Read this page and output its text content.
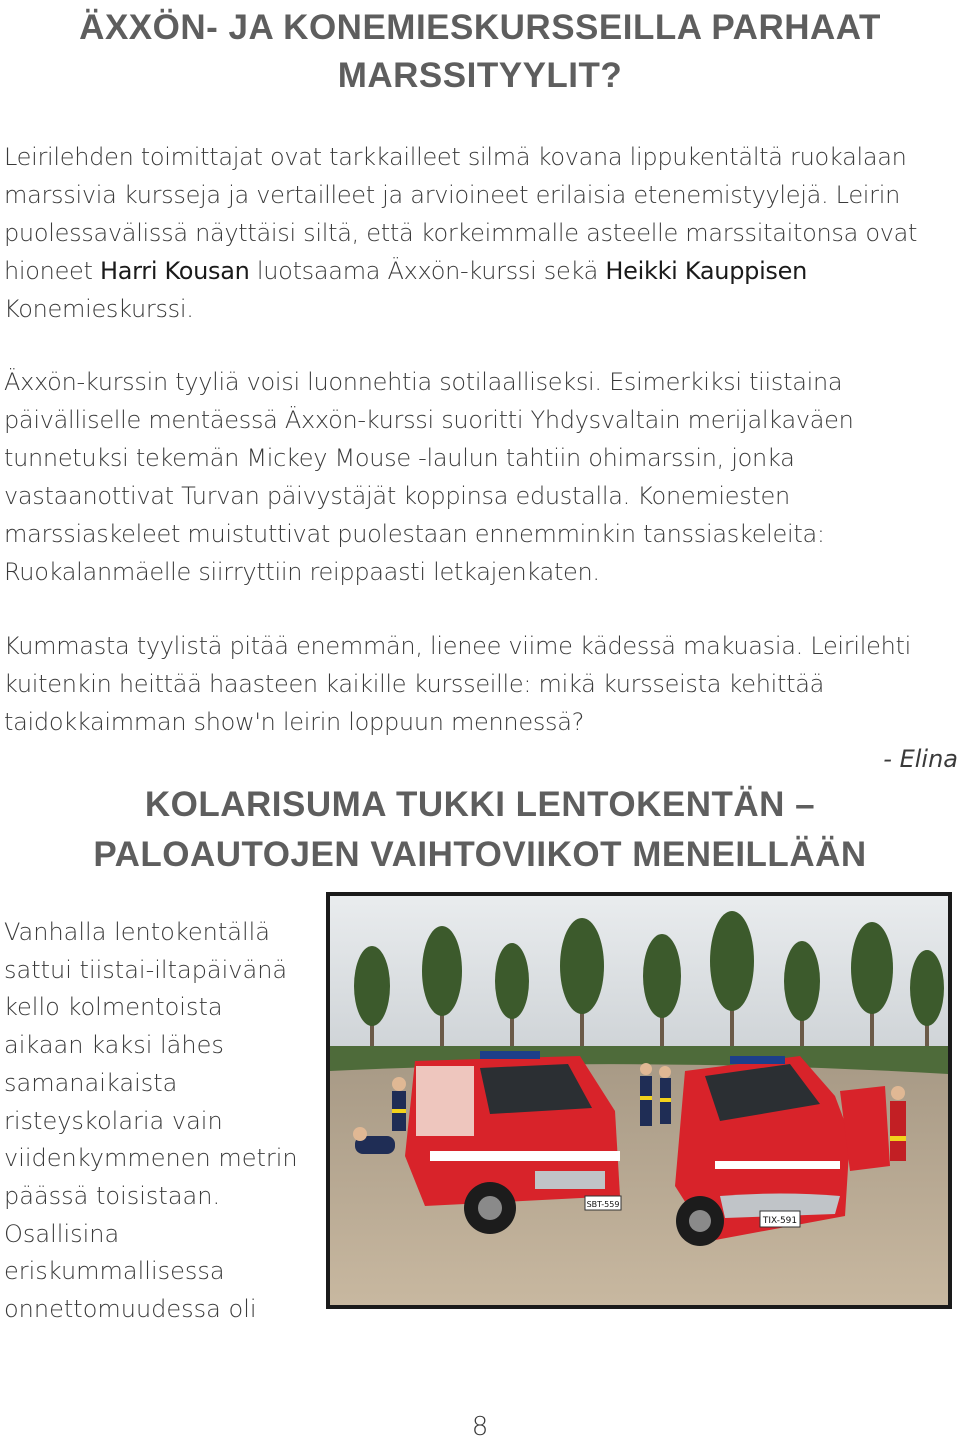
ÄXXÖN- JA KONEMIESKURSSEILLA PARHAAT
MARSSITYYLIT?

Leirilehden toimittajat ovat tarkkailleet silmä kovana lippukentältä ruokalaan marssivia kursseja ja vertailleet ja arvioineet erilaisia etenemistyylejä. Leirin puolessavälissä näyttäisi siltä, että korkeimmalle asteelle marssitaitonsa ovat hioneet Harri Kousan luotsaama Äxxön-kurssi sekä Heikki Kauppisen Konemieskurssi.

Äxxön-kurssin tyyliä voisi luonnehtia sotilaalliseksi. Esimerkiksi tiistaina päivälliselle mentäessä Äxxön-kurssi suoritti Yhdysvaltain merijalkaväen tunnetuksi tekemän Mickey Mouse -laulun tahtiin ohimarssin, jonka vastaanottivat Turvan päivystäjät koppinsa edustalla. Konemiesten marssiaskeleet muistuttivat puolestaan ennemminkin tanssiaskeleita: Ruokalanmäelle siirryttiin reippaasti letkajenkaten.

Kummasta tyylistä pitää enemmän, lienee viime kädessä makuasia. Leirilehti kuitenkin heittää haasteen kaikille kursseille: mikä kursseista kehittää taidokkaimman show'n leirin loppuun mennessä?

- Elina

KOLARISUMA TUKKI LENTOKENTÄN –
PALOAUTOJEN VAIHTOVIIKOT MENEILLÄÄN

Vanhalla lentokentällä sattui tiistai-iltapäivänä kello kolmentoista aikaan kaksi lähes samanaikaista risteyskolaria vain viidenkymmenen metrin päässä toisistaan. Osallisina eriskummallisessa onnettomuudessa oli

SBT-559
TIX-591

8
